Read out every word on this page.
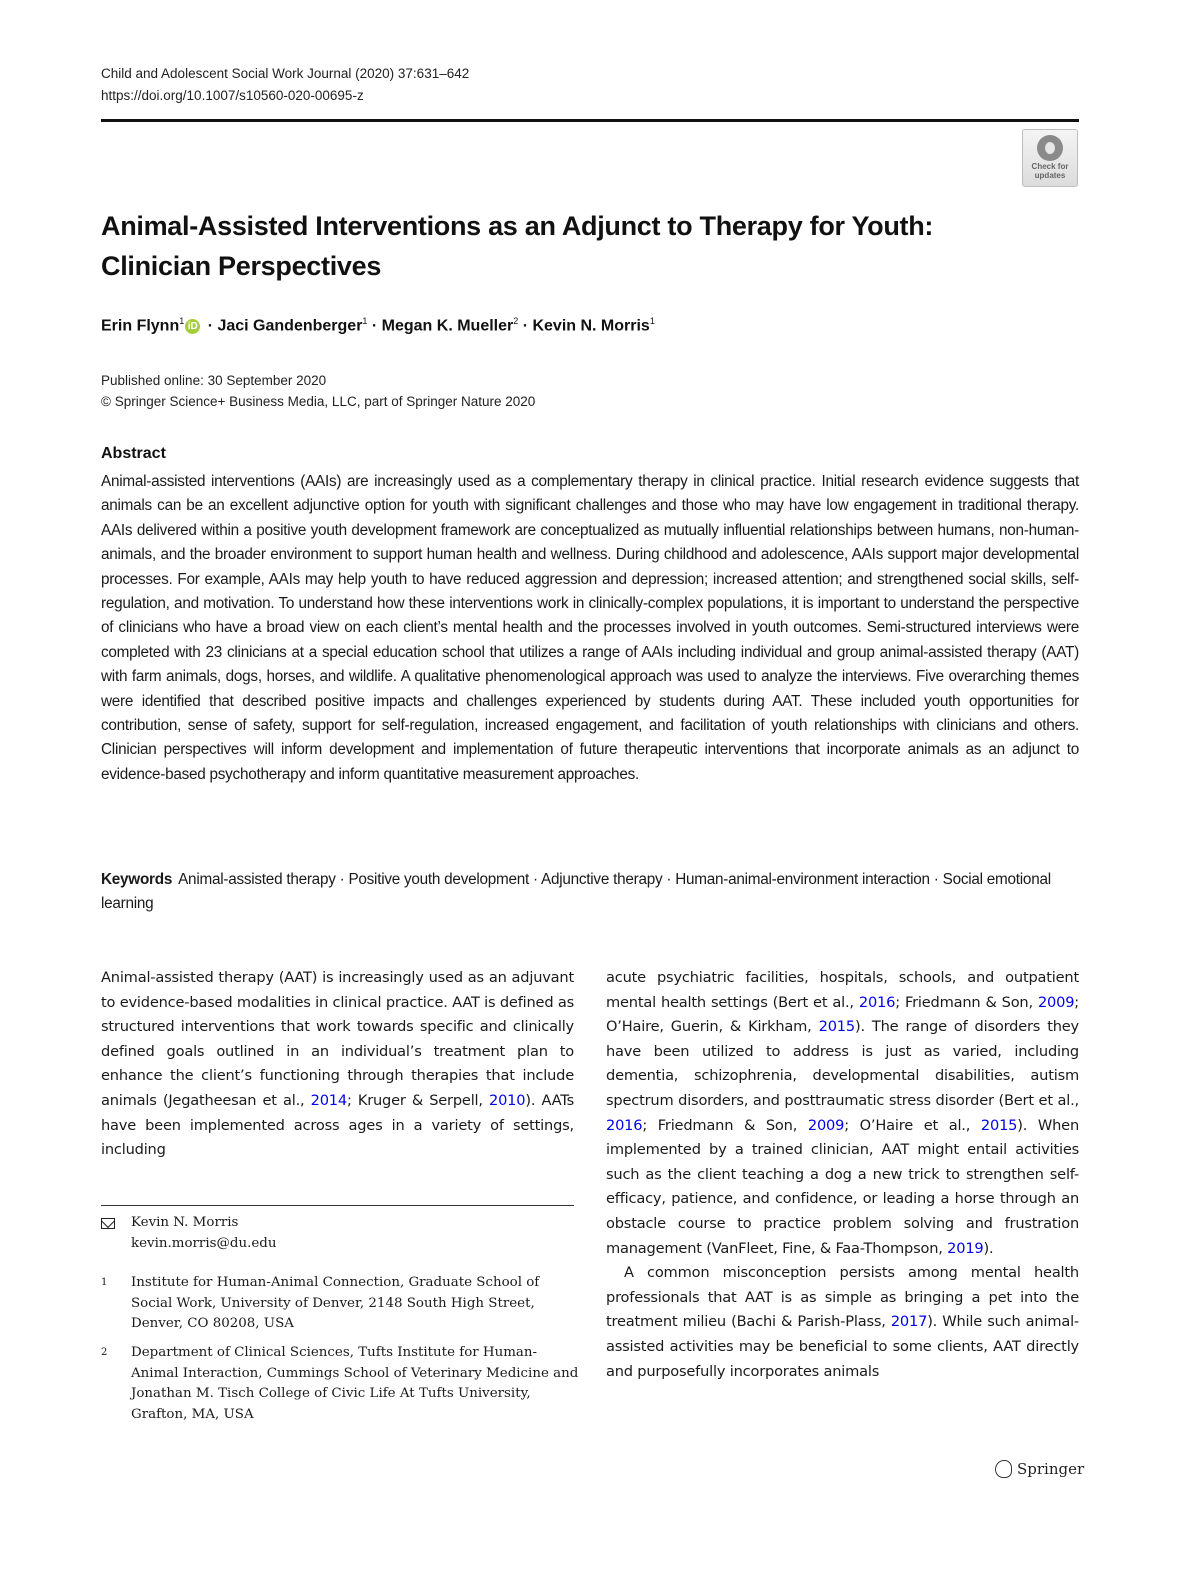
Child and Adolescent Social Work Journal (2020) 37:631–642
https://doi.org/10.1007/s10560-020-00695-z
Check for
updates
Animal-Assisted Interventions as an Adjunct to Therapy for Youth:
Clinician Perspectives
Erin Flynn$^1$iD · Jaci Gandenberger$^1$ · Megan K. Mueller$^2$ · Kevin N. Morris$^1$
Published online: 30 September 2020
© Springer Science+ Business Media, LLC, part of Springer Nature 2020
Abstract
Animal-assisted interventions (AAIs) are increasingly used as a complementary therapy in clinical practice. Initial research evidence suggests that animals can be an excellent adjunctive option for youth with significant challenges and those who may have low engagement in traditional therapy. AAIs delivered within a positive youth development framework are conceptualized as mutually influential relationships between humans, non-human-animals, and the broader environment to support human health and wellness. During childhood and adolescence, AAIs support major developmental processes. For example, AAIs may help youth to have reduced aggression and depression; increased attention; and strengthened social skills, self-regulation, and motivation. To understand how these interventions work in clinically-complex populations, it is important to understand the perspective of clinicians who have a broad view on each client’s mental health and the processes involved in youth outcomes. Semi-structured interviews were completed with 23 clinicians at a special education school that utilizes a range of AAIs including individual and group animal-assisted therapy (AAT) with farm animals, dogs, horses, and wildlife. A qualitative phenomenological approach was used to analyze the interviews. Five overarching themes were identified that described positive impacts and challenges experienced by students during AAT. These included youth opportunities for contribution, sense of safety, support for self-regulation, increased engagement, and facilitation of youth relationships with clinicians and others. Clinician perspectives will inform development and implementation of future therapeutic interventions that incorporate animals as an adjunct to evidence-based psychotherapy and inform quantitative measurement approaches.
Keywords Animal-assisted therapy · Positive youth development · Adjunctive therapy · Human-animal-environment interaction · Social emotional learning

Animal-assisted therapy (AAT) is increasingly used as an adjuvant to evidence-based modalities in clinical practice. AAT is defined as structured interventions that work towards specific and clinically defined goals outlined in an individual’s treatment plan to enhance the client’s functioning through therapies that include animals (Jegatheesan et al., 2014; Kruger & Serpell, 2010). AATs have been implemented across ages in a variety of settings, including

Kevin N. Morris
kevin.morris@du.edu
1 Institute for Human-Animal Connection, Graduate School of Social Work, University of Denver, 2148 South High Street, Denver, CO 80208, USA
2 Department of Clinical Sciences, Tufts Institute for Human-Animal Interaction, Cummings School of Veterinary Medicine and Jonathan M. Tisch College of Civic Life At Tufts University, Grafton, MA, USA

acute psychiatric facilities, hospitals, schools, and outpatient mental health settings (Bert et al., 2016; Friedmann & Son, 2009; O’Haire, Guerin, & Kirkham, 2015). The range of disorders they have been utilized to address is just as varied, including dementia, schizophrenia, developmental disabilities, autism spectrum disorders, and posttraumatic stress disorder (Bert et al., 2016; Friedmann & Son, 2009; O’Haire et al., 2015). When implemented by a trained clinician, AAT might entail activities such as the client teaching a dog a new trick to strengthen self-efficacy, patience, and confidence, or leading a horse through an obstacle course to practice problem solving and frustration management (VanFleet, Fine, & Faa-Thompson, 2019).

A common misconception persists among mental health professionals that AAT is as simple as bringing a pet into the treatment milieu (Bachi & Parish-Plass, 2017). While such animal-assisted activities may be beneficial to some clients, AAT directly and purposefully incorporates animals

Springer
